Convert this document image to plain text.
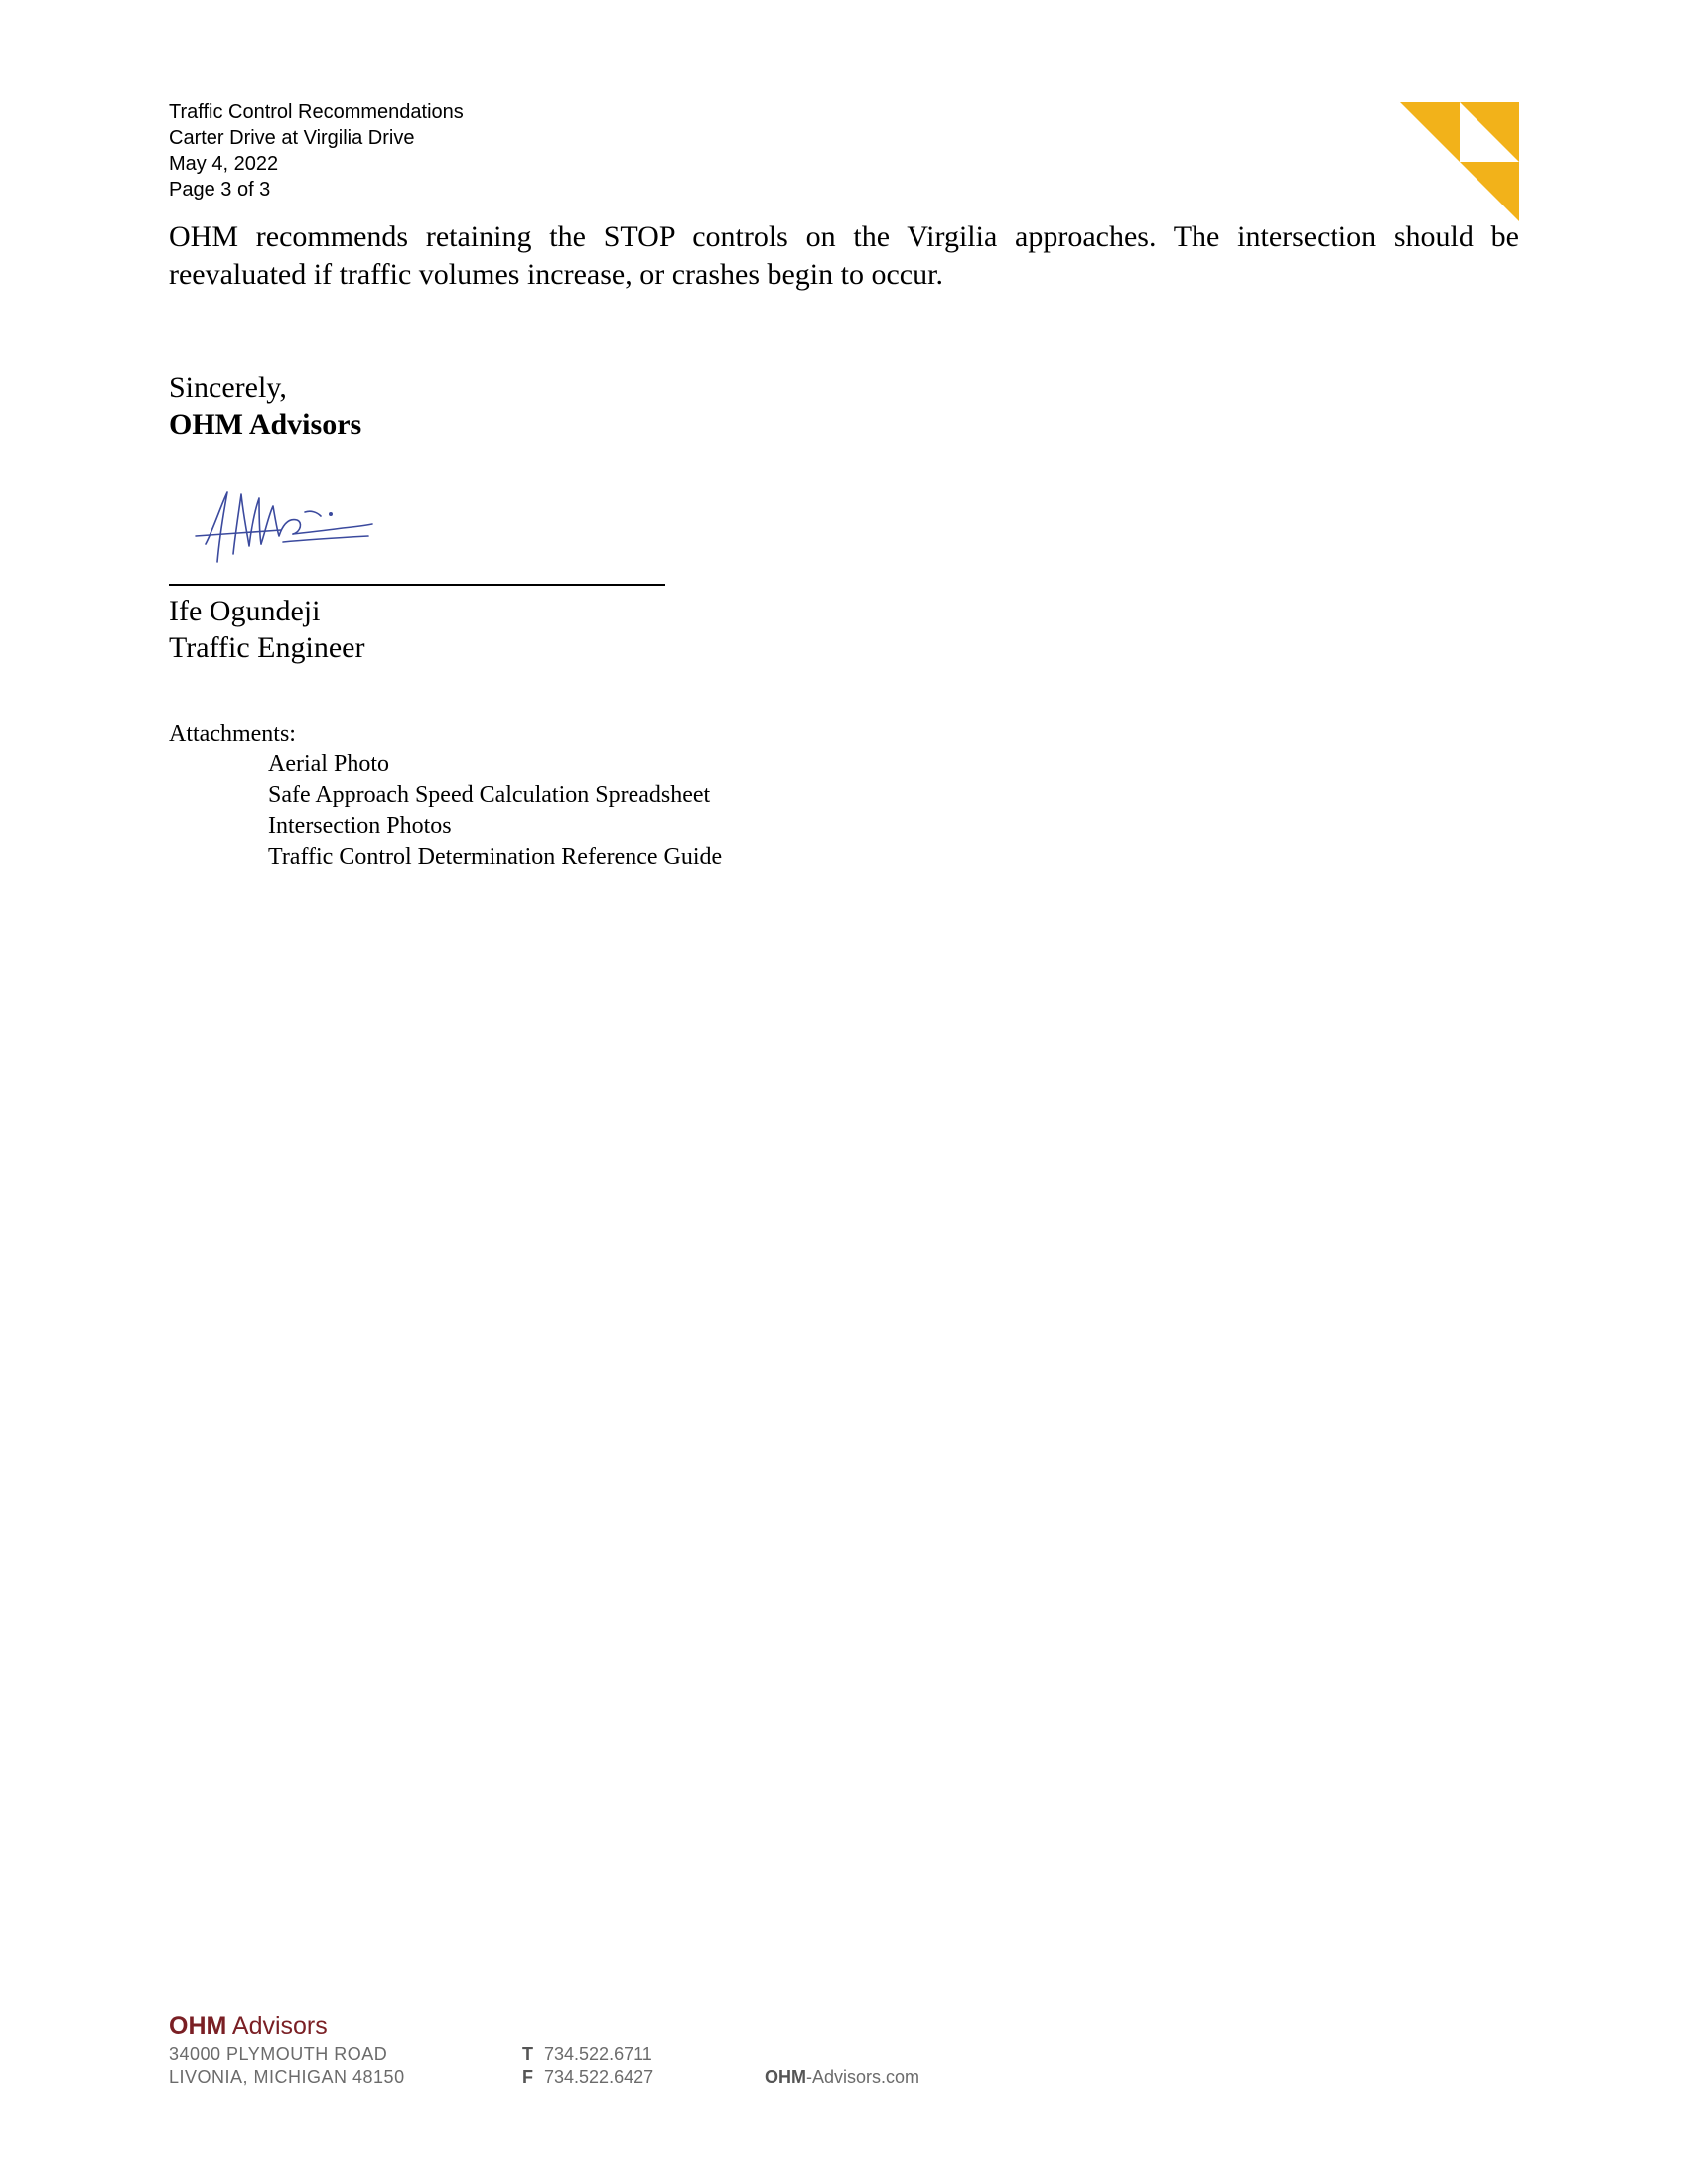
Traffic Control Recommendations
Carter Drive at Virgilia Drive
May 4, 2022
Page 3 of 3
OHM recommends retaining the STOP controls on the Virgilia approaches. The intersection should be reevaluated if traffic volumes increase, or crashes begin to occur.
Sincerely,
OHM Advisors
Ife Ogundeji
Traffic Engineer
Attachments:
Aerial Photo
Safe Approach Speed Calculation Spreadsheet
Intersection Photos
Traffic Control Determination Reference Guide
OHM Advisors
34000 PLYMOUTH ROAD
LIVONIA, MICHIGAN 48150
T 734.522.6711
F 734.522.6427	OHM-Advisors.com
